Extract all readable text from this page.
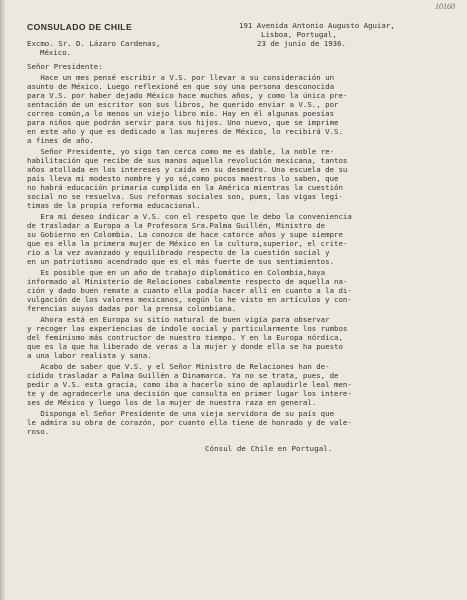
10160
CONSULADO DE CHILE	191 Avenida Antonio Augusto Aguiar,
Lisboa, Portugal,
Excmo. Sr. D. Lázaro Cardenas,	23 de junio de 1936.
México.
Señor Presidente:
Hace un mes pensé escribir a V.S. por llevar a su consideración un
asunto de México. Luego reflexioné en que soy una persona desconocida
para V.S. por haber dejado México hace muchos años, y como la única pre-
sentación de un escritor son sus libros, he querido enviar a V.S., por
correo común,a lo menos un viejo libro mío. Hay en él algunas poesías
para niños que podrán servir para sus hijos. Uno nuevo, que se imprime
en este año y que es dedicado a las mujeres de México, lo recibirá V.S.
a fines de año.
Señor Presidente, yo sigo tan cerca como me es dable, la noble re-
habilitación que recibe de sus manos aquella revolución mexicana, tantos
años atollada en los intereses y caída en su desmedro. Una escuela de su
país lleva mi modesto nombre y yo sé,como pocos maestros lo saben, que
no habrá educación primaria cumplida en la América mientras la cuestión
social no se resuelva. Sus reformas sociales son, pues, las vigas legí-
timas de la propia reforma educacional.
Era mi deseo indicar a V.S. con el respeto que le debo la conveniencia
de trasladar a Europa a la Profesora Sra.Palma Guillén, Ministro de
su Gobierno en Colombia. La conozco de hace catorce años y supe siempre
que es ella la primera mujer de México en la cultura,superior, el crite-
rio a la vez avanzado y equilibrado respecto de la cuestión social y
en un patriotismo acendrado que es el más fuerte de sus sentimientos.
Es posible que en un año de trabajo diplomático en Colombia,haya
informado al Ministerio de Relaciones cabalmente respecto de aquella na-
ción y dado buen remate a cuanto ella podía hacer allí en cuanto a la di-
vulgación de los valores mexicanos, según lo he visto en artículos y con-
ferencias suyas dadas por la prensa colombiana.
Ahora está en Europa su sitio natural de buen vigía para observar
y recoger las experiencias de índole social y particularmente los rumbos
del feminismo más contructor de nuestro tiempo. Y en la Europa nórdica,
que es la que ha liberado de veras a la mujer y donde ella se ha puesto
a una labor realista y sana.
Acabo de saber que V.S. y el Señor Ministro de Relaciones han de-
cidido trasladar a Palma Guillén a Dinamarca. Ya no se trata, pues, de
pedir a V.S. esta gracia, como iba a hacerlo sino de aplaudirle leal men-
te y de agradecerle una decisión que consulta en primer lugar los intere-
ses de México y luego los de la mujer de nuestra raza en general.
Disponga el Señor Presidente de una vieja servidora de su país que
le admira su obra de corazón, por cuanto ella tiene de honrado y de vale-
roso.
Cónsul de Chile en Portugal.
